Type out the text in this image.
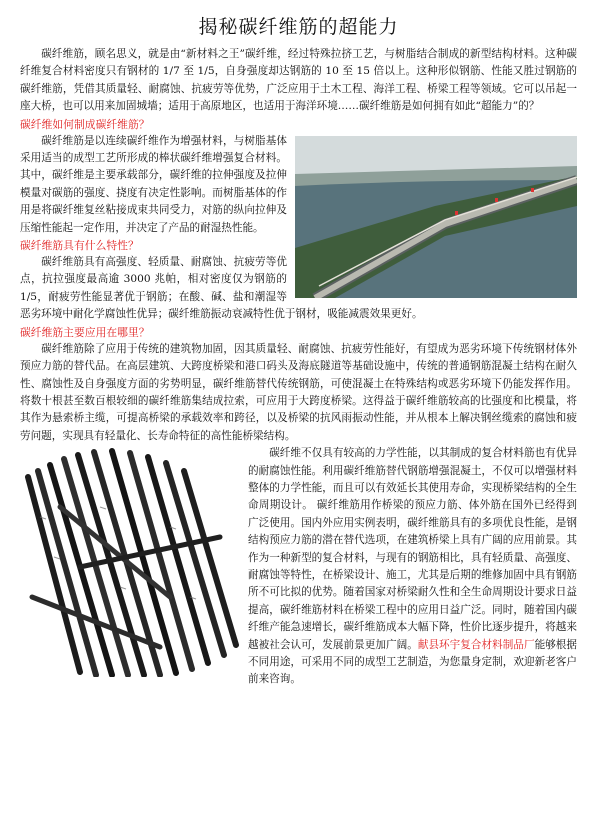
揭秘碳纤维筋的超能力

碳纤维筋，顾名思义，就是由“新材料之王”碳纤维，经过特殊拉挤工艺，与树脂结合制成的新型结构材料。这种碳纤维复合材料密度只有钢材的 1/7 至 1/5，自身强度却达钢筋的 10 至 15 倍以上。这种形似钢筋、性能又胜过钢筋的碳纤维筋，凭借其质量轻、耐腐蚀、抗疲劳等优势，广泛应用于土木工程、海洋工程、桥梁工程等领域。它可以吊起一座大桥，也可以用来加固城墙；适用于高原地区，也适用于海洋环境……碳纤维筋是如何拥有如此“超能力”的？

碳纤维如何制成碳纤维筋？

碳纤维筋是以连续碳纤维作为增强材料，与树脂基体采用适当的成型工艺所形成的棒状碳纤维增强复合材料。其中，碳纤维是主要承载部分，碳纤维的拉伸强度及拉伸模量对碳筋的强度、挠度有决定性影响。而树脂基体的作用是将碳纤维复丝粘接成束共同受力，对筋的纵向拉伸及压缩性能起一定作用，并决定了产品的耐湿热性能。

碳纤维筋具有什么特性？

碳纤维筋具有高强度、轻质量、耐腐蚀、抗疲劳等优点，抗拉强度最高逾 3000 兆帕，相对密度仅为钢筋的 1/5，耐疲劳性能显著优于钢筋；在酸、碱、盐和潮湿等恶劣环境中耐化学腐蚀性优异；碳纤维筋振动衰减特性优于钢材，吸能减震效果更好。

碳纤维筋主要应用在哪里？

碳纤维筋除了应用于传统的建筑物加固，因其质量轻、耐腐蚀、抗疲劳性能好，有望成为恶劣环境下传统钢材体外预应力筋的替代品。在高层建筑、大跨度桥梁和港口码头及海底隧道等基础设施中，传统的普通钢筋混凝土结构在耐久性、腐蚀性及自身强度方面的劣势明显，碳纤维筋替代传统钢筋，可使混凝土在特殊结构或恶劣环境下仍能发挥作用。 将数十根甚至数百根较细的碳纤维筋集结成拉索，可应用于大跨度桥梁。这得益于碳纤维筋较高的比强度和比模量，将其作为悬索桥主缆，可提高桥梁的承载效率和跨径，以及桥梁的抗风雨振动性能，并从根本上解决钢丝缆索的腐蚀和疲劳问题，实现具有轻量化、长寿命特征的高性能桥梁结构。

碳纤维不仅具有较高的力学性能，以其制成的复合材料筋也有优异的耐腐蚀性能。利用碳纤维筋替代钢筋增强混凝土，不仅可以增强材料整体的力学性能，而且可以有效延长其使用寿命，实现桥梁结构的全生命周期设计。 碳纤维筋用作桥梁的预应力筋、体外筋在国外已经得到广泛使用。国内外应用实例表明，碳纤维筋具有的多项优良性能，是钢结构预应力筋的潜在替代选项，在建筑桥梁上具有广阔的应用前景。其作为一种新型的复合材料，与现有的钢筋相比，具有轻质量、高强度、耐腐蚀等特性，在桥梁设计、施工，尤其是后期的维修加固中具有钢筋所不可比拟的优势。随着国家对桥梁耐久性和全生命周期设计要求日益提高，碳纤维筋材料在桥梁工程中的应用日益广泛。同时，随着国内碳纤维产能急速增长，碳纤维筋成本大幅下降，性价比逐步提升，将越来越被社会认可，发展前景更加广阔。献县环宇复合材料制品厂能够根据不同用途，可采用不同的成型工艺制造，为您量身定制，欢迎新老客户前来咨询。
